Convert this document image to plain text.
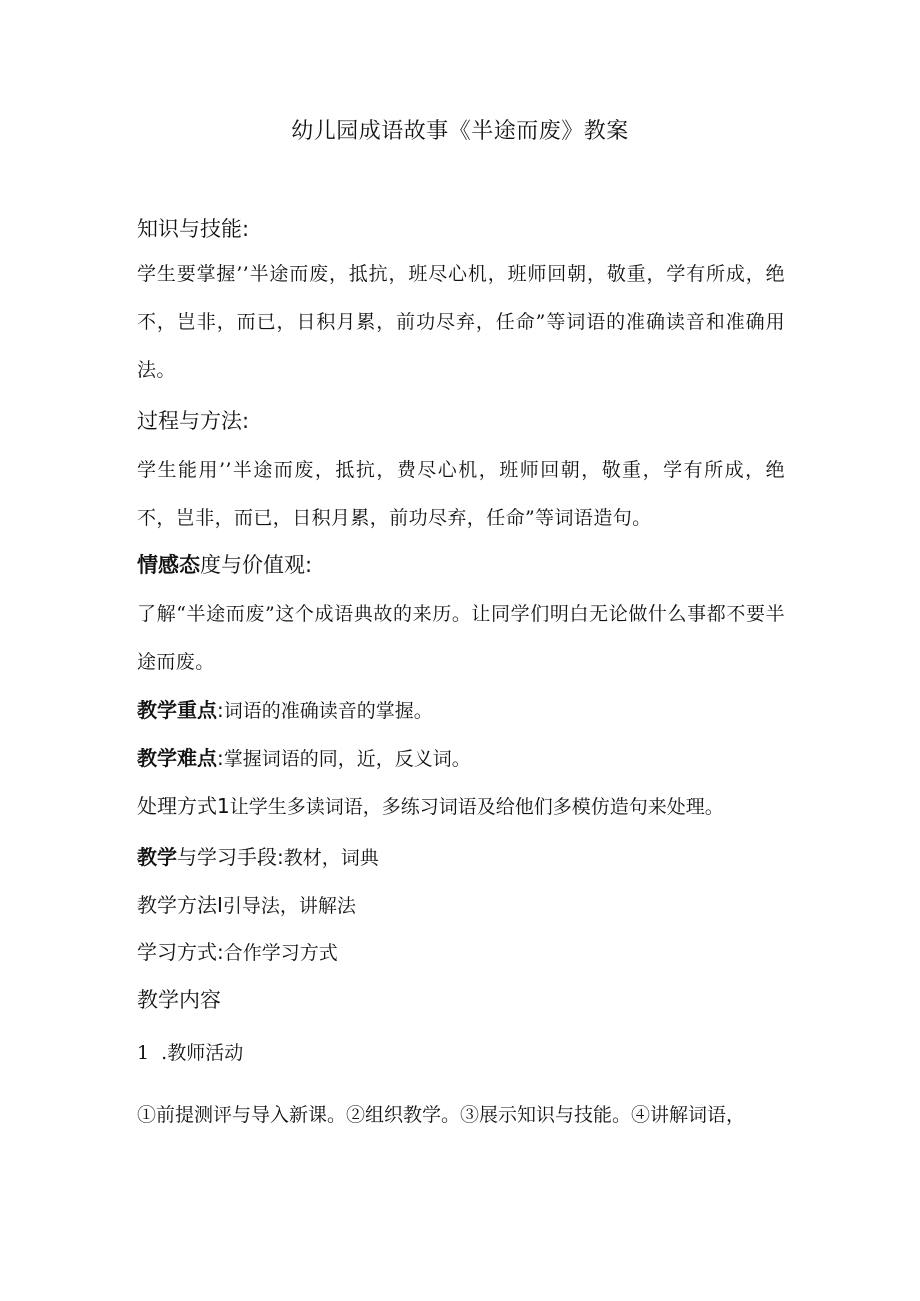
幼儿园成语故事《半途而废》教案
知识与技能:
学生要掌握’’半途而废，抵抗，班尽心机，班师回朝，敬重，学有所成，绝不，岂非，而已，日积月累，前功尽弃，任命”等词语的准确读音和准确用法。
过程与方法:
学生能用’’半途而废，抵抗，费尽心机，班师回朝，敬重，学有所成，绝不，岂非，而已，日积月累，前功尽弃，任命”等词语造句。
情感态度与价值观:
了解“半途而废”这个成语典故的来历。让同学们明白无论做什么事都不要半途而废。
教学重点:词语的准确读音的掌握。
教学难点:掌握词语的同，近，反义词。
处理方式1让学生多读词语，多练习词语及给他们多模仿造句来处理。
教学与学习手段:教材，词典
教学方法I引导法，讲解法
学习方式:合作学习方式
教学内容
1  .教师活动
①前提测评与导入新课。②组织教学。③展示知识与技能。④讲解词语，
